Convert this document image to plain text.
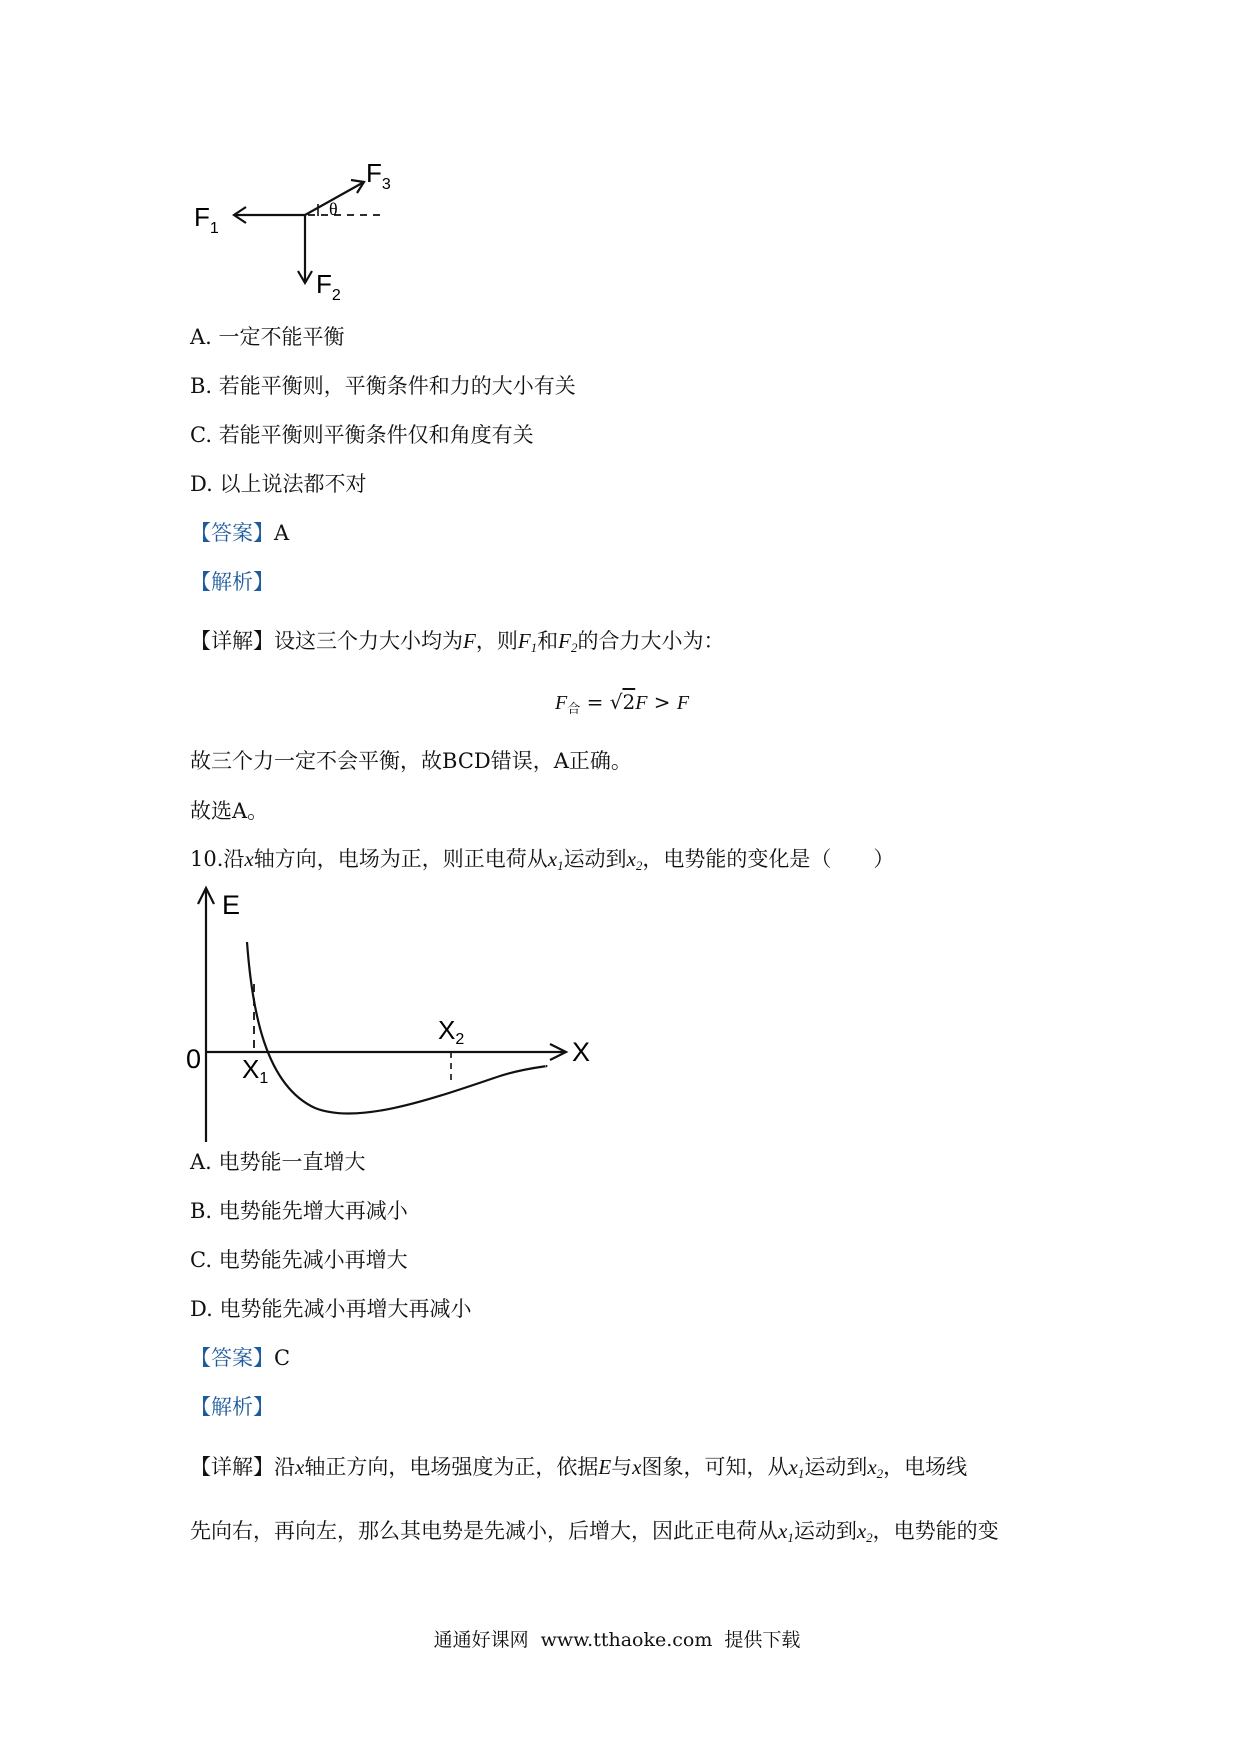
θ
$F_1$
$F_2$
$F_3$
A. 一定不能平衡
B. 若能平衡则，平衡条件和力的大小有关
C. 若能平衡则平衡条件仅和角度有关
D. 以上说法都不对
【答案】A
【解析】
【详解】设这三个力大小均为F，则$F_1$和$F_2$的合力大小为：
$F_合 = √2F > F$
故三个力一定不会平衡，故BCD错误，A正确。
故选A。
10.沿x轴方向，电场为正，则正电荷从$x_1$运动到$x_2$，电势能的变化是（　　）
E
X
0 X1
X2
A. 电势能一直增大
B. 电势能先增大再减小
C. 电势能先减小再增大
D. 电势能先减小再增大再减小
【答案】C
【解析】
【详解】沿x轴正方向，电场强度为正，依据E与x图象，可知，从$x_1$运动到$x_2$，电场线
先向右，再向左，那么其电势是先减小，后增大，因此正电荷从$x_1$运动到$x_2$，电势能的变
通通好课网 www.tthaoke.com 提供下载
